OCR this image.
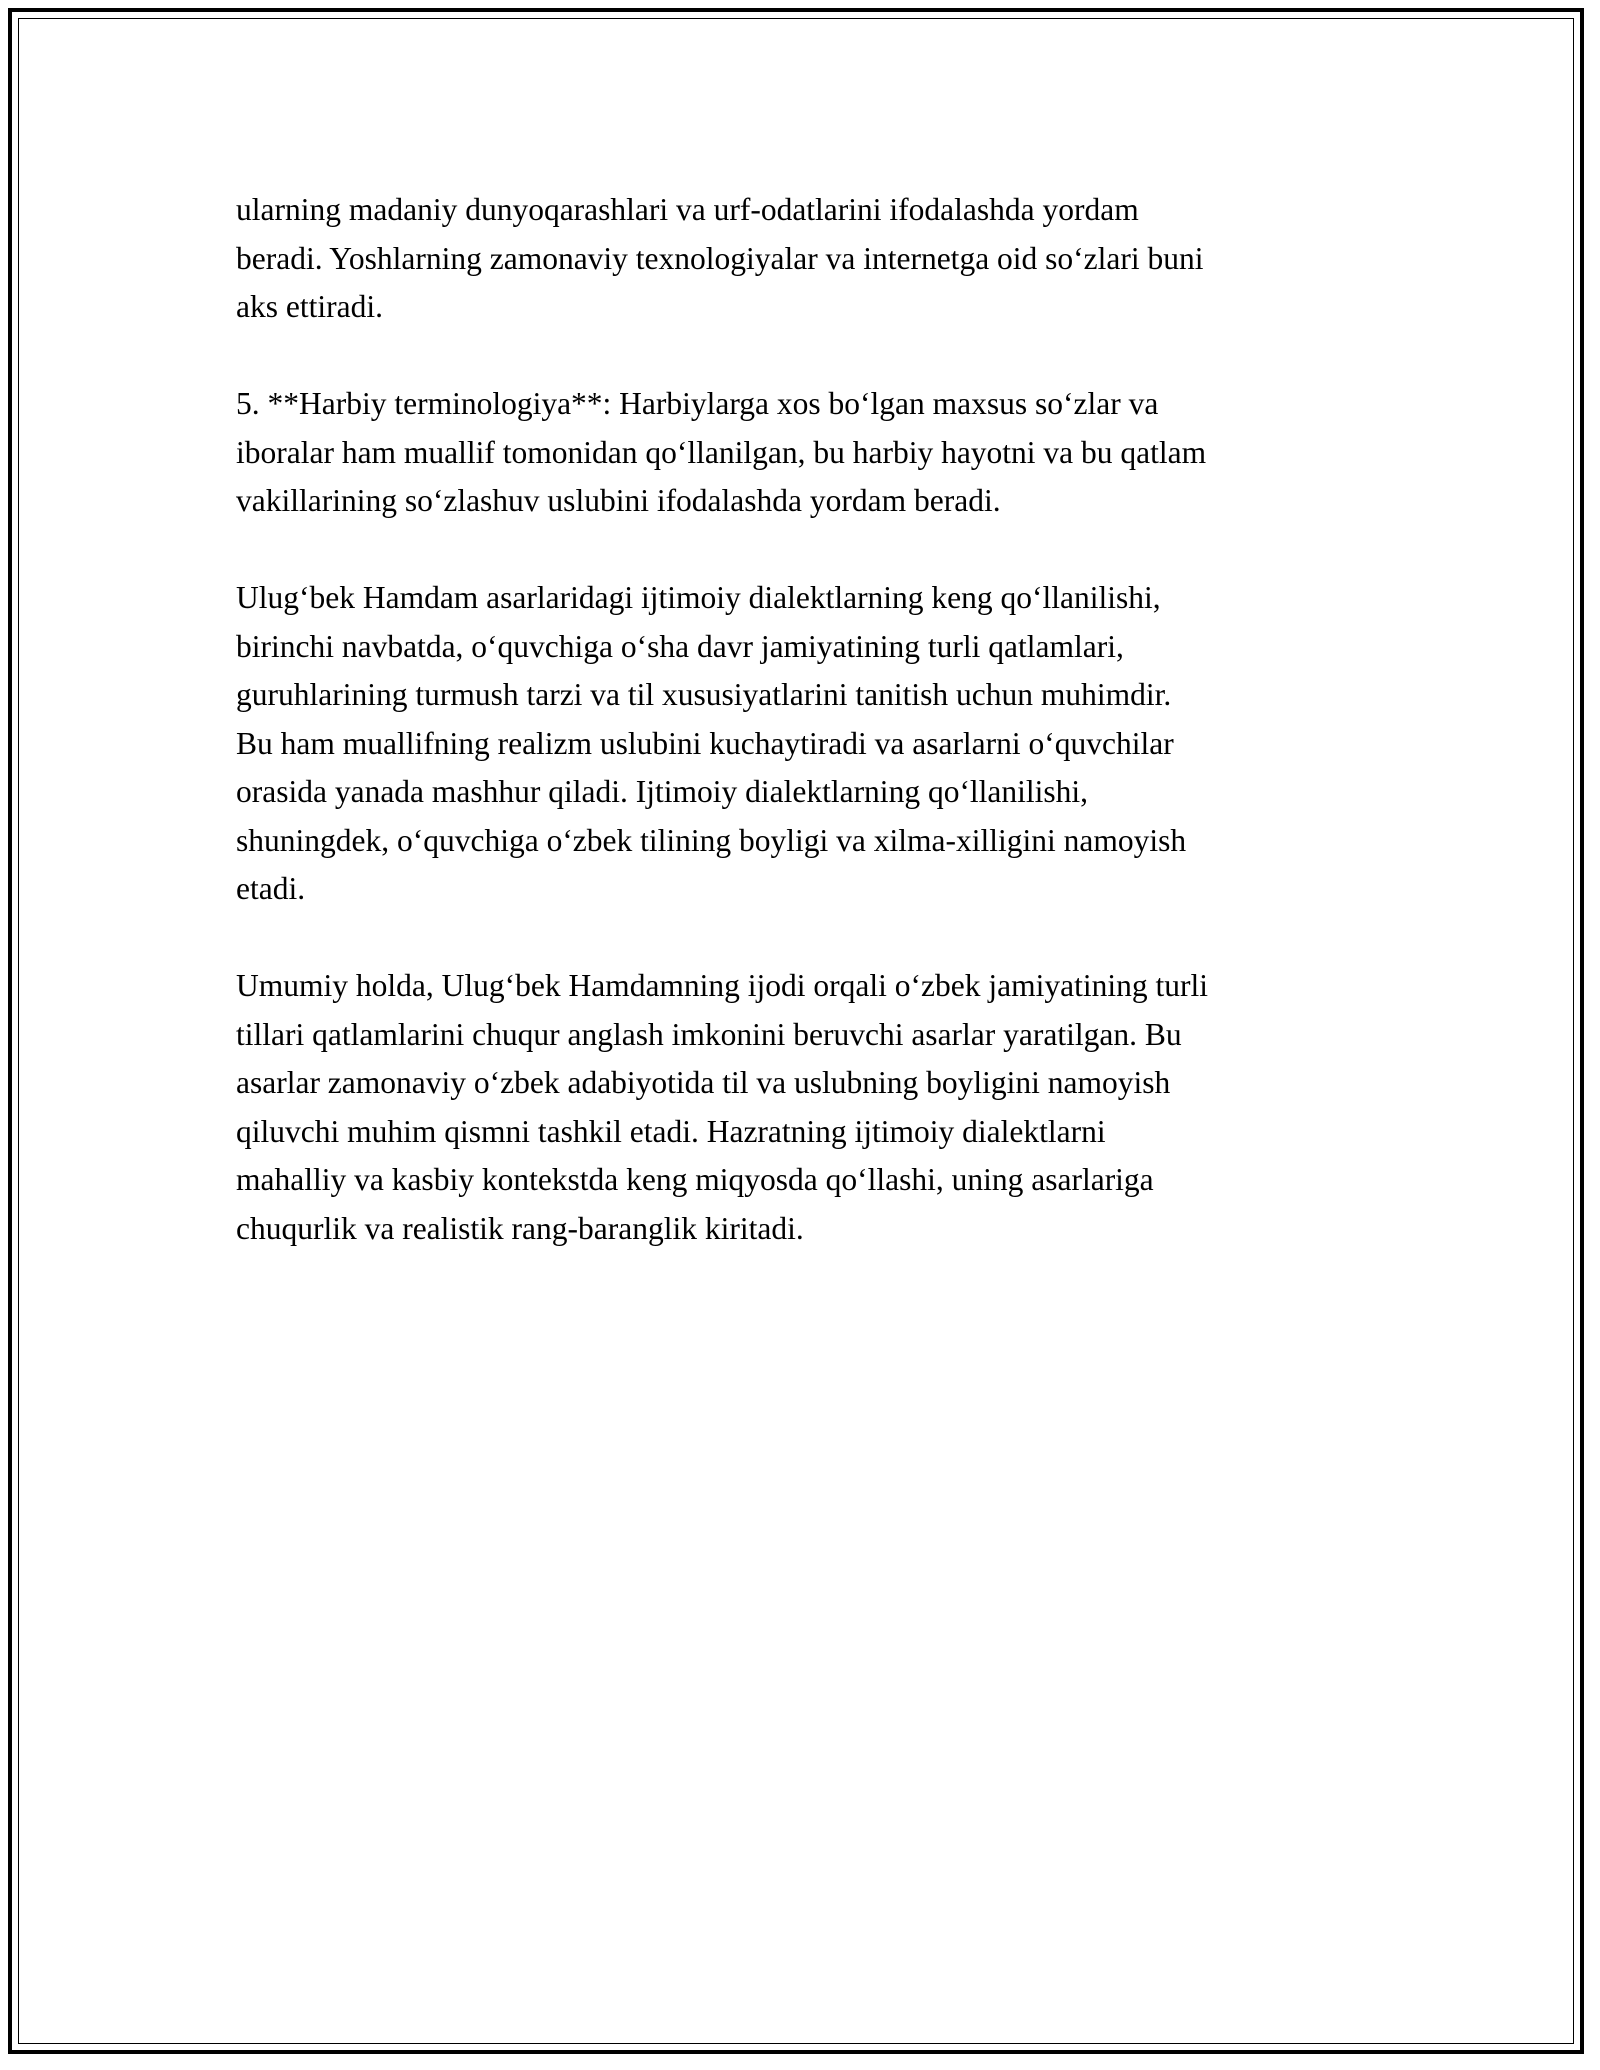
ularning madaniy dunyoqarashlari va urf-odatlarini ifodalashda yordam
beradi. Yoshlarning zamonaviy texnologiyalar va internetga oid so‘zlari buni
aks ettiradi.

5. **Harbiy terminologiya**: Harbiylarga xos bo‘lgan maxsus so‘zlar va
iboralar ham muallif tomonidan qo‘llanilgan, bu harbiy hayotni va bu qatlam
vakillarining so‘zlashuv uslubini ifodalashda yordam beradi.

Ulug‘bek Hamdam asarlaridagi ijtimoiy dialektlarning keng qo‘llanilishi,
birinchi navbatda, o‘quvchiga o‘sha davr jamiyatining turli qatlamlari,
guruhlarining turmush tarzi va til xususiyatlarini tanitish uchun muhimdir.
Bu ham muallifning realizm uslubini kuchaytiradi va asarlarni o‘quvchilar
orasida yanada mashhur qiladi. Ijtimoiy dialektlarning qo‘llanilishi,
shuningdek, o‘quvchiga o‘zbek tilining boyligi va xilma-xilligini namoyish
etadi.

Umumiy holda, Ulug‘bek Hamdamning ijodi orqali o‘zbek jamiyatining turli
tillari qatlamlarini chuqur anglash imkonini beruvchi asarlar yaratilgan. Bu
asarlar zamonaviy o‘zbek adabiyotida til va uslubning boyligini namoyish
qiluvchi muhim qismni tashkil etadi. Hazratning ijtimoiy dialektlarni
mahalliy va kasbiy kontekstda keng miqyosda qo‘llashi, uning asarlariga
chuqurlik va realistik rang-baranglik kiritadi.
